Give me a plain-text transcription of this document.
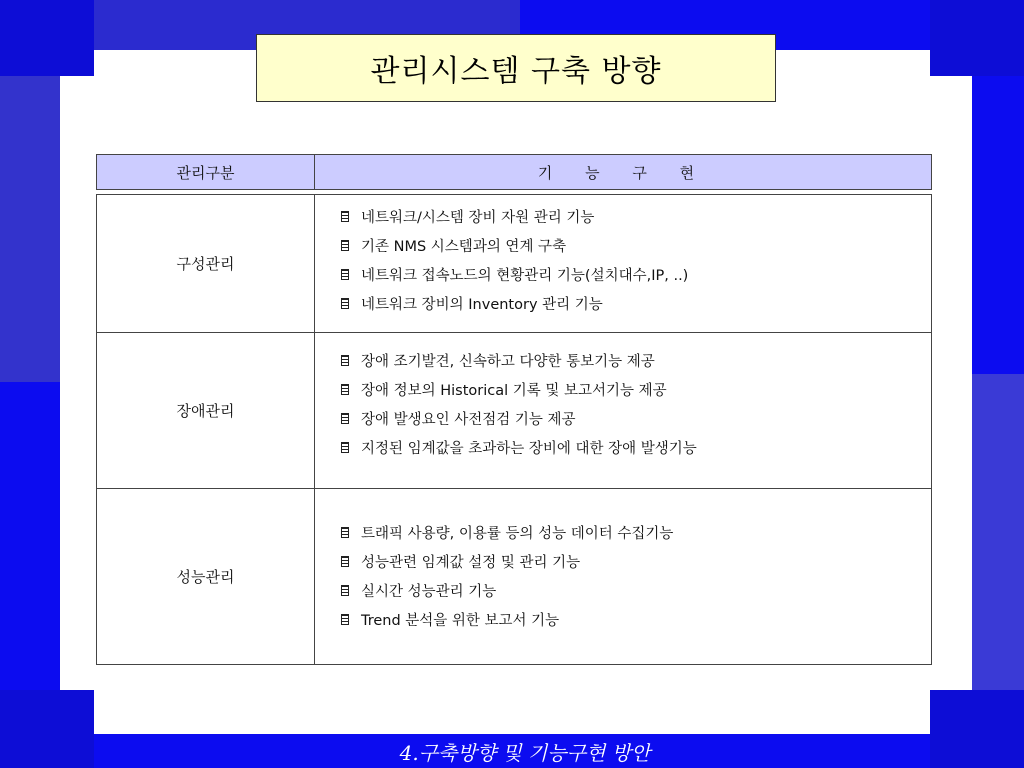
관리시스템 구축 방향
관리구분	기 능 구 현
구성관리
네트워크/시스템 장비 자원 관리 기능
기존 NMS 시스템과의 연계 구축
네트워크 접속노드의 현황관리 기능(설치대수,IP, ..)
네트워크 장비의 Inventory 관리 기능
장애관리
장애 조기발견, 신속하고 다양한 통보기능 제공
장애 정보의 Historical 기록 및 보고서기능 제공
장애 발생요인 사전점검 기능 제공
지정된 임계값을 초과하는 장비에 대한 장애 발생기능
성능관리
트래픽 사용량, 이용률 등의 성능 데이터 수집기능
성능관련 임계값 설정 및 관리 기능
실시간 성능관리 기능
Trend 분석을 위한 보고서 기능
4.구축방향 및 기능구현 방안
